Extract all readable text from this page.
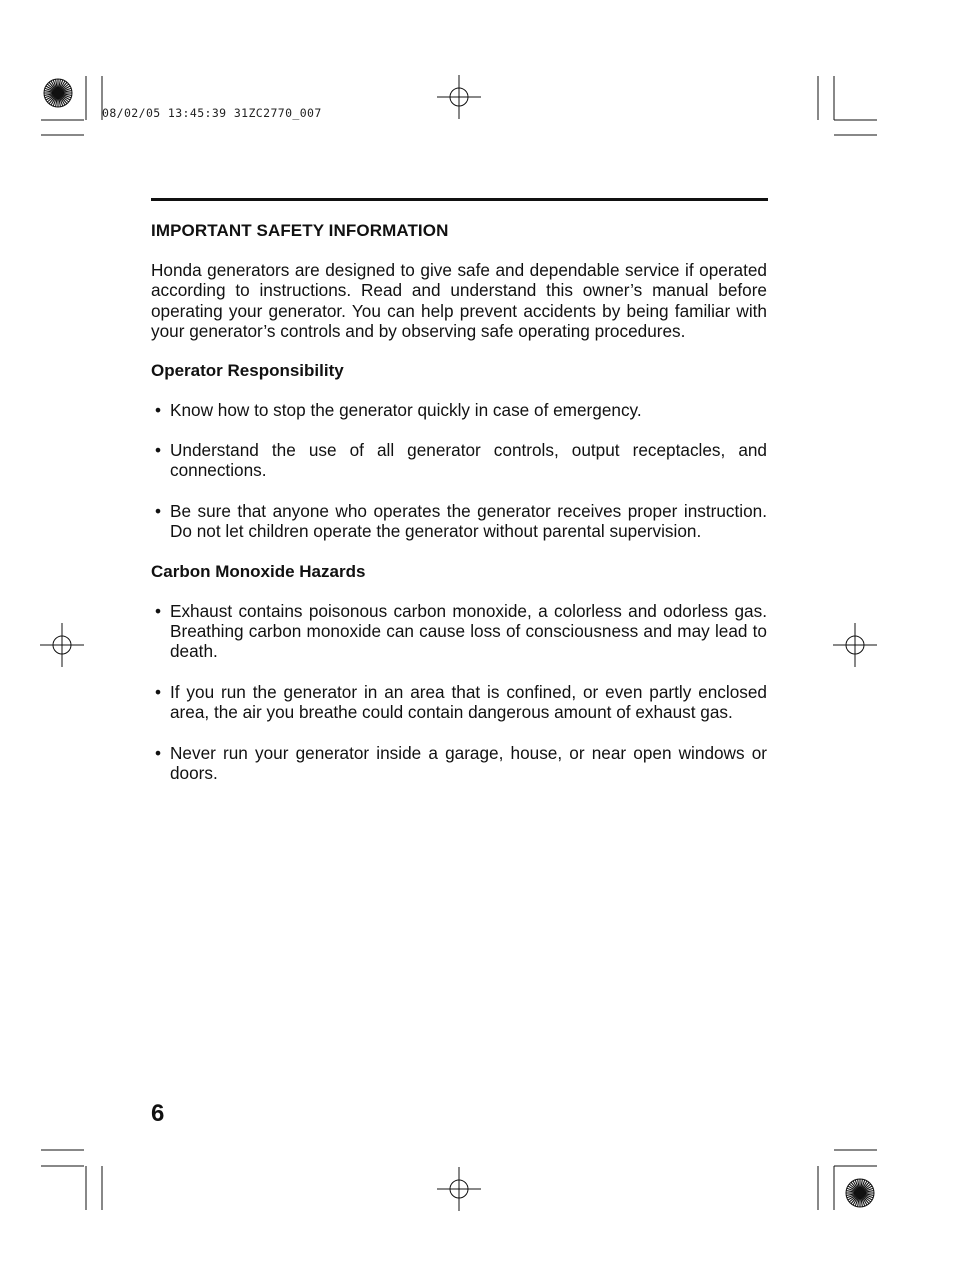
08/02/05 13:45:39 31ZC2770_007
IMPORTANT SAFETY INFORMATION

Honda generators are designed to give safe and dependable service if operated according to instructions. Read and understand this owner’s manual before operating your generator. You can help prevent accidents by being familiar with your generator’s controls and by observing safe operating procedures.

Operator Responsibility
• Know how to stop the generator quickly in case of emergency.
• Understand the use of all generator controls, output receptacles, and connections.
• Be sure that anyone who operates the generator receives proper instruction. Do not let children operate the generator without parental supervision.
Carbon Monoxide Hazards
• Exhaust contains poisonous carbon monoxide, a colorless and odorless gas. Breathing carbon monoxide can cause loss of consciousness and may lead to death.
• If you run the generator in an area that is confined, or even partly enclosed area, the air you breathe could contain dangerous amount of exhaust gas.
• Never run your generator inside a garage, house, or near open windows or doors.
6
